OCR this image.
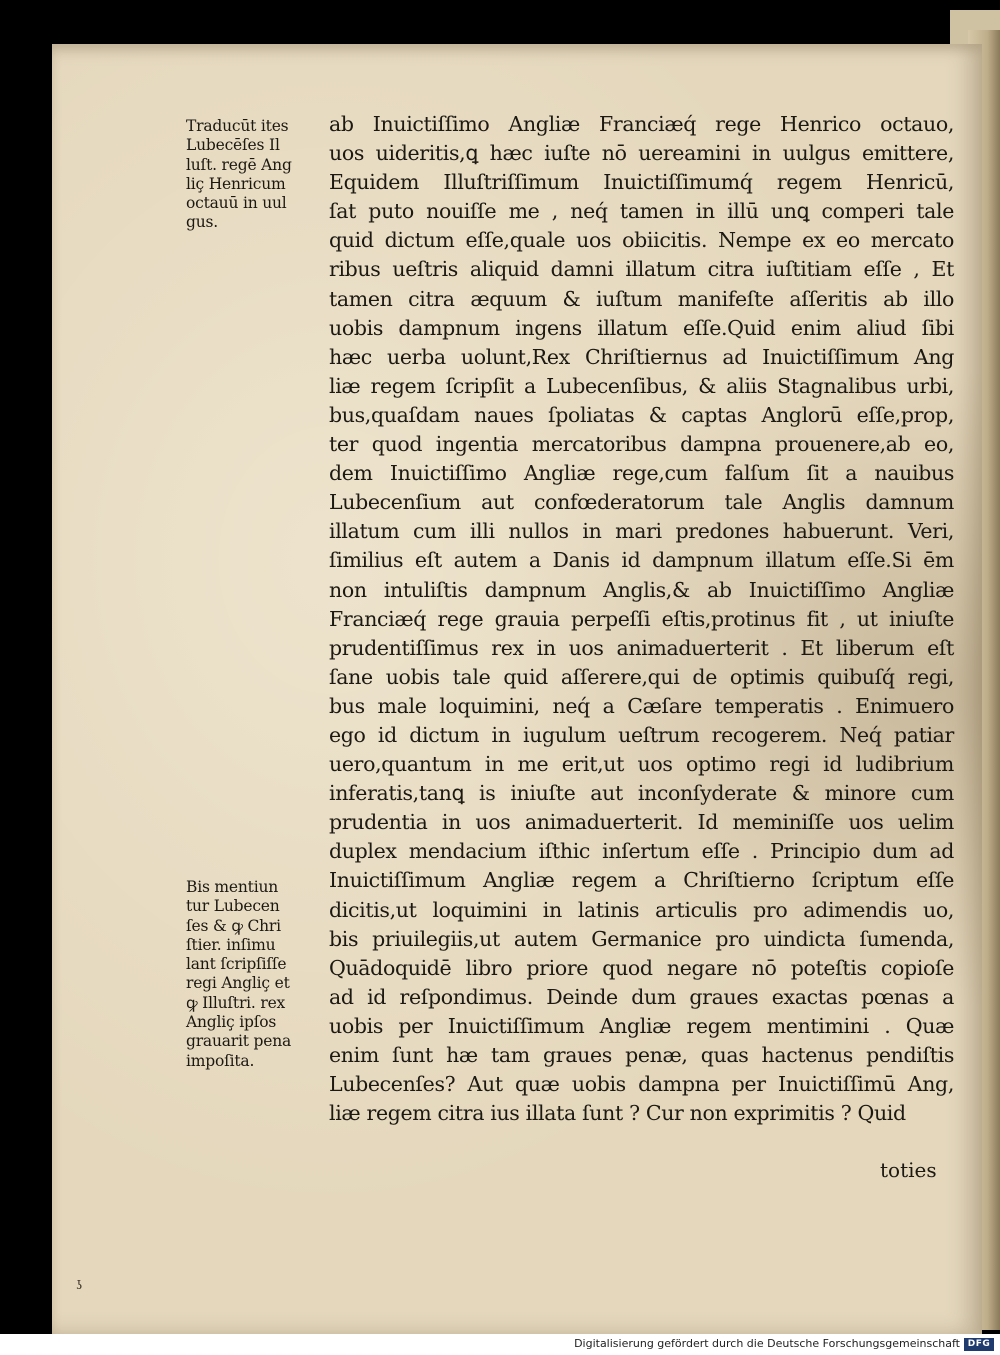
Traducūt ites
Lubecēſes Il
luſt. regē Ang
liç Henricum
octauū in uul
gus.
Bis mentiun
tur Lubecen
ſes & ꝙ Chri
ſtier. inſimu
lant ſcripſiſſe
regi Angliç et
ꝙ Illuſtri. rex
Angliç ipſos
grauarit pena
impoſita.
ab Inuictiſſimo Angliæ Franciæq́ rege Henrico octauo,
uos uideritis,ꝗ hæc iuſte nō uereamini in uulgus emittere,
Equidem Illuſtriſſimum Inuictiſſimumq́ regem Henricū,
ſat puto nouiſſe me , neq́ tamen in illū unꝗ comperi tale
quid dictum eſſe,quale uos obiicitis. Nempe ex eo mercato
ribus ueſtris aliquid damni illatum citra iuſtitiam eſſe , Et
tamen citra æquum & iuſtum manifeſte aſſeritis ab illo
uobis dampnum ingens illatum eſſe.Quid enim aliud ſibi
hæc uerba uolunt,Rex Chriſtiernus ad Inuictiſſimum Ang
liæ regem ſcripſit a Lubecenſibus, & aliis Stagnalibus urbi,
bus,quaſdam naues ſpoliatas & captas Anglorū eſſe,prop,
ter quod ingentia mercatoribus dampna prouenere,ab eo,
dem Inuictiſſimo Angliæ rege,cum falſum ſit a nauibus
Lubecenſium aut confœderatorum tale Anglis damnum
illatum cum illi nullos in mari predones habuerunt. Veri,
ſimilius eſt autem a Danis id dampnum illatum eſſe.Si ēm
non intuliſtis dampnum Anglis,& ab Inuictiſſimo Angliæ
Franciæq́ rege grauia perpeſſi eſtis,protinus fit , ut iniuſte
prudentiſſimus rex in uos animaduerterit . Et liberum eſt
ſane uobis tale quid aſſerere,qui de optimis quibuſq́ regi,
bus male loquimini, neq́ a Cæſare temperatis . Enimuero
ego id dictum in iugulum ueſtrum recogerem. Neq́ patiar
uero,quantum in me erit,ut uos optimo regi id ludibrium
inferatis,tanꝗ is iniuſte aut inconſyderate & minore cum
prudentia in uos animaduerterit. Id meminiſſe uos uelim
duplex mendacium iſthic inſertum eſſe . Principio dum ad
Inuictiſſimum Angliæ regem a Chriſtierno ſcriptum eſſe
dicitis,ut loquimini in latinis articulis pro adimendis uo,
bis priuilegiis,ut autem Germanice pro uindicta ſumenda,
Quādoquidē libro priore quod negare nō poteſtis copioſe
ad id reſpondimus. Deinde dum graues exactas pœnas a
uobis per Inuictiſſimum Angliæ regem mentimini . Quæ
enim ſunt hæ tam graues penæ, quas hactenus pendiſtis
Lubecenſes? Aut quæ uobis dampna per Inuictiſſimū Ang,
liæ regem citra ius illata ſunt ? Cur non exprimitis ? Quid
toties
ʖ
Digitalisierung gefördert durch die Deutsche Forschungsgemeinschaft DFG
